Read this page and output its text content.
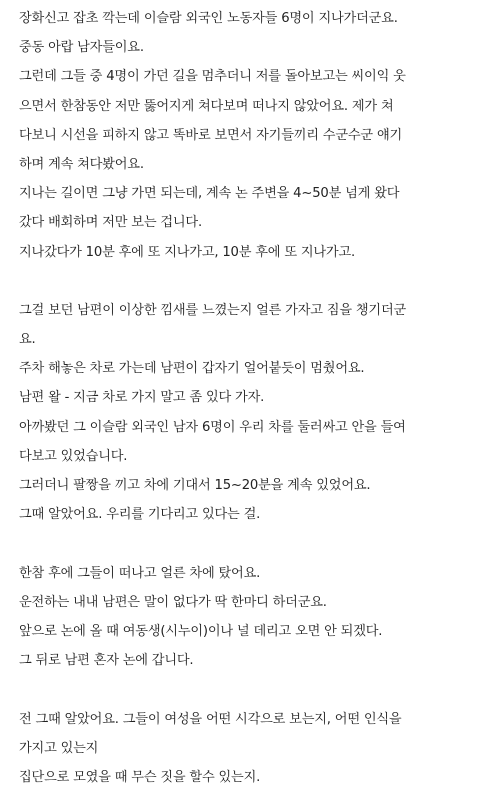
장화신고 잡초 깍는데 이슬람 외국인 노동자들 6명이 지나가더군요.
중동 아랍 남자들이요.
그런데 그들 중 4명이 가던 길을 멈추더니 저를 돌아보고는 씨이익 웃
으면서 한참동안 저만 뚫어지게 쳐다보며 떠나지 않았어요. 제가 쳐
다보니 시선을 피하지 않고 똑바로 보면서 자기들끼리 수군수군 얘기
하며 계속 쳐다봤어요.
지나는 길이면 그냥 가면 되는데, 계속 논 주변을 4~50분 넘게 왔다
갔다 배회하며 저만 보는 겁니다.
지나갔다가 10분 후에 또 지나가고, 10분 후에 또 지나가고.
그걸 보던 남편이 이상한 낌새를 느꼈는지 얼른 가자고 짐을 챙기더군
요.
주차 해놓은 차로 가는데 남편이 갑자기 얼어붙듯이 멈췄어요.
남편 왈 - 지금 차로 가지 말고 좀 있다 가자.
아까봤던 그 이슬람 외국인 남자 6명이 우리 차를 둘러싸고 안을 들여
다보고 있었습니다.
그러더니 팔짱을 끼고 차에 기대서 15~20분을 계속 있었어요.
그때 알았어요. 우리를 기다리고 있다는 걸.
한참 후에 그들이 떠나고 얼른 차에 탔어요.
운전하는 내내 남편은 말이 없다가 딱 한마디 하더군요.
앞으로 논에 올 때 여동생(시누이)이나 널 데리고 오면 안 되겠다.
그 뒤로 남편 혼자 논에 갑니다.
전 그때 알았어요. 그들이 여성을 어떤 시각으로 보는지, 어떤 인식을
가지고 있는지
집단으로 모였을 때 무슨 짓을 할수 있는지.
